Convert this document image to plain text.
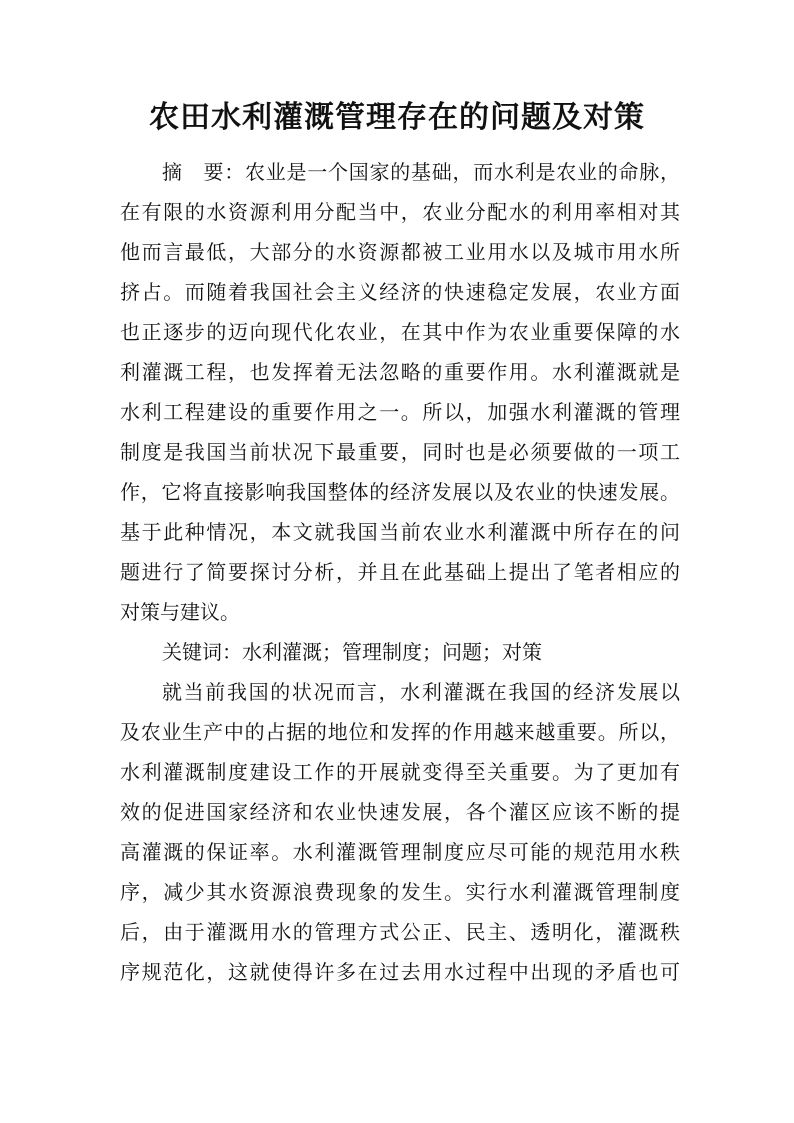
农田水利灌溉管理存在的问题及对策
摘　要：农业是一个国家的基础，而水利是农业的命脉，
在有限的水资源利用分配当中，农业分配水的利用率相对其
他而言最低，大部分的水资源都被工业用水以及城市用水所
挤占。而随着我国社会主义经济的快速稳定发展，农业方面
也正逐步的迈向现代化农业，在其中作为农业重要保障的水
利灌溉工程，也发挥着无法忽略的重要作用。水利灌溉就是
水利工程建设的重要作用之一。所以，加强水利灌溉的管理
制度是我国当前状况下最重要，同时也是必须要做的一项工
作，它将直接影响我国整体的经济发展以及农业的快速发展。
基于此种情况，本文就我国当前农业水利灌溉中所存在的问
题进行了简要探讨分析，并且在此基础上提出了笔者相应的
对策与建议。
关键词：水利灌溉；管理制度；问题；对策
就当前我国的状况而言，水利灌溉在我国的经济发展以
及农业生产中的占据的地位和发挥的作用越来越重要。所以，
水利灌溉制度建设工作的开展就变得至关重要。为了更加有
效的促进国家经济和农业快速发展，各个灌区应该不断的提
高灌溉的保证率。水利灌溉管理制度应尽可能的规范用水秩
序，减少其水资源浪费现象的发生。实行水利灌溉管理制度
后，由于灌溉用水的管理方式公正、民主、透明化，灌溉秩
序规范化，这就使得许多在过去用水过程中出现的矛盾也可
